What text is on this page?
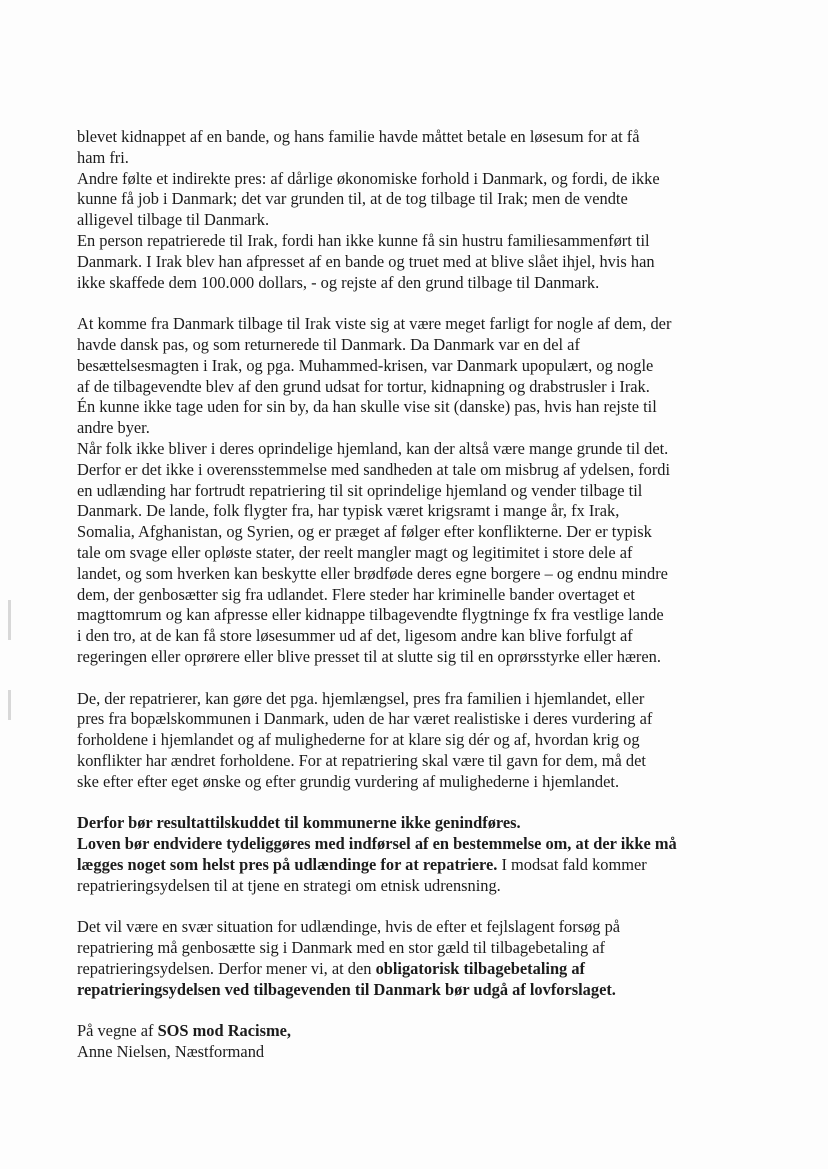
blevet kidnappet af en bande, og hans familie havde måttet betale en løsesum for at få
ham fri.
Andre følte et indirekte pres: af dårlige økonomiske forhold i Danmark, og fordi, de ikke
kunne få job i Danmark; det var grunden til, at de tog tilbage til Irak; men de vendte
alligevel tilbage til Danmark.
En person repatrierede til Irak, fordi han ikke kunne få sin hustru familiesammenført til
Danmark. I Irak blev han afpresset af en bande og truet med at blive slået ihjel, hvis han
ikke skaffede dem 100.000 dollars, - og rejste af den grund tilbage til Danmark.
At komme fra Danmark tilbage til Irak viste sig at være meget farligt for nogle af dem, der
havde dansk pas, og som returnerede til Danmark. Da Danmark var en del af
besættelsesmagten i Irak, og pga. Muhammed-krisen, var Danmark upopulært, og nogle
af de tilbagevendte blev af den grund udsat for tortur, kidnapning og drabstrusler i Irak.
Én kunne ikke tage uden for sin by, da han skulle vise sit (danske) pas, hvis han rejste til
andre byer.
Når folk ikke bliver i deres oprindelige hjemland, kan der altså være mange grunde til det.
Derfor er det ikke i overensstemmelse med sandheden at tale om misbrug af ydelsen, fordi
en udlænding har fortrudt repatriering til sit oprindelige hjemland og vender tilbage til
Danmark. De lande, folk flygter fra, har typisk været krigsramt i mange år, fx Irak,
Somalia, Afghanistan, og Syrien, og er præget af følger efter konflikterne. Der er typisk
tale om svage eller opløste stater, der reelt mangler magt og legitimitet i store dele af
landet, og som hverken kan beskytte eller brødføde deres egne borgere – og endnu mindre
dem, der genbosætter sig fra udlandet. Flere steder har kriminelle bander overtaget et
magttomrum og kan afpresse eller kidnappe tilbagevendte flygtninge fx fra vestlige lande
i den tro, at de kan få store løsesummer ud af det, ligesom andre kan blive forfulgt af
regeringen eller oprørere eller blive presset til at slutte sig til en oprørsstyrke eller hæren.
De, der repatrierer, kan gøre det pga. hjemlængsel, pres fra familien i hjemlandet, eller
pres fra bopælskommunen i Danmark, uden de har været realistiske i deres vurdering af
forholdene i hjemlandet og af mulighederne for at klare sig dér og af, hvordan krig og
konflikter har ændret forholdene. For at repatriering skal være til gavn for dem, må det
ske efter efter eget ønske og efter grundig vurdering af mulighederne i hjemlandet.
Derfor bør resultattilskuddet til kommunerne ikke genindføres.
Loven bør endvidere tydeliggøres med indførsel af en bestemmelse om, at der ikke må
lægges noget som helst pres på udlændinge for at repatriere. I modsat fald kommer
repatrieringsydelsen til at tjene en strategi om etnisk udrensning.
Det vil være en svær situation for udlændinge, hvis de efter et fejlslagent forsøg på
repatriering må genbosætte sig i Danmark med en stor gæld til tilbagebetaling af
repatrieringsydelsen. Derfor mener vi, at den obligatorisk tilbagebetaling af
repatrieringsydelsen ved tilbagevenden til Danmark bør udgå af lovforslaget.
På vegne af SOS mod Racisme,
Anne Nielsen, Næstformand
